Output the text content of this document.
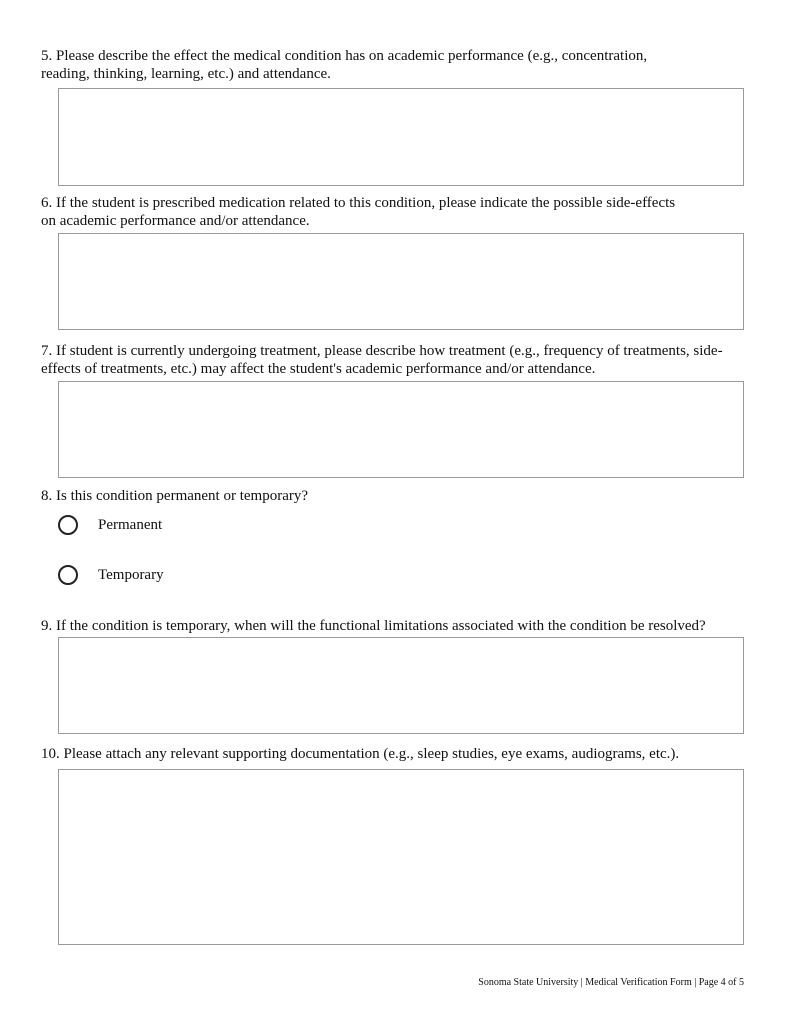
5. Please describe the effect the medical condition has on academic performance (e.g., concentration,
reading, thinking, learning, etc.) and attendance.
6. If the student is prescribed medication related to this condition, please indicate the possible side-effects
on academic performance and/or attendance.
7. If student is currently undergoing treatment, please describe how treatment (e.g., frequency of treatments, side-
effects of treatments, etc.) may affect the student's academic performance and/or attendance.
8. Is this condition permanent or temporary?
Permanent
Temporary
9. If the condition is temporary, when will the functional limitations associated with the condition be resolved?
10. Please attach any relevant supporting documentation (e.g., sleep studies, eye exams, audiograms, etc.).
Sonoma State University | Medical Verification Form | Page 4 of 5
